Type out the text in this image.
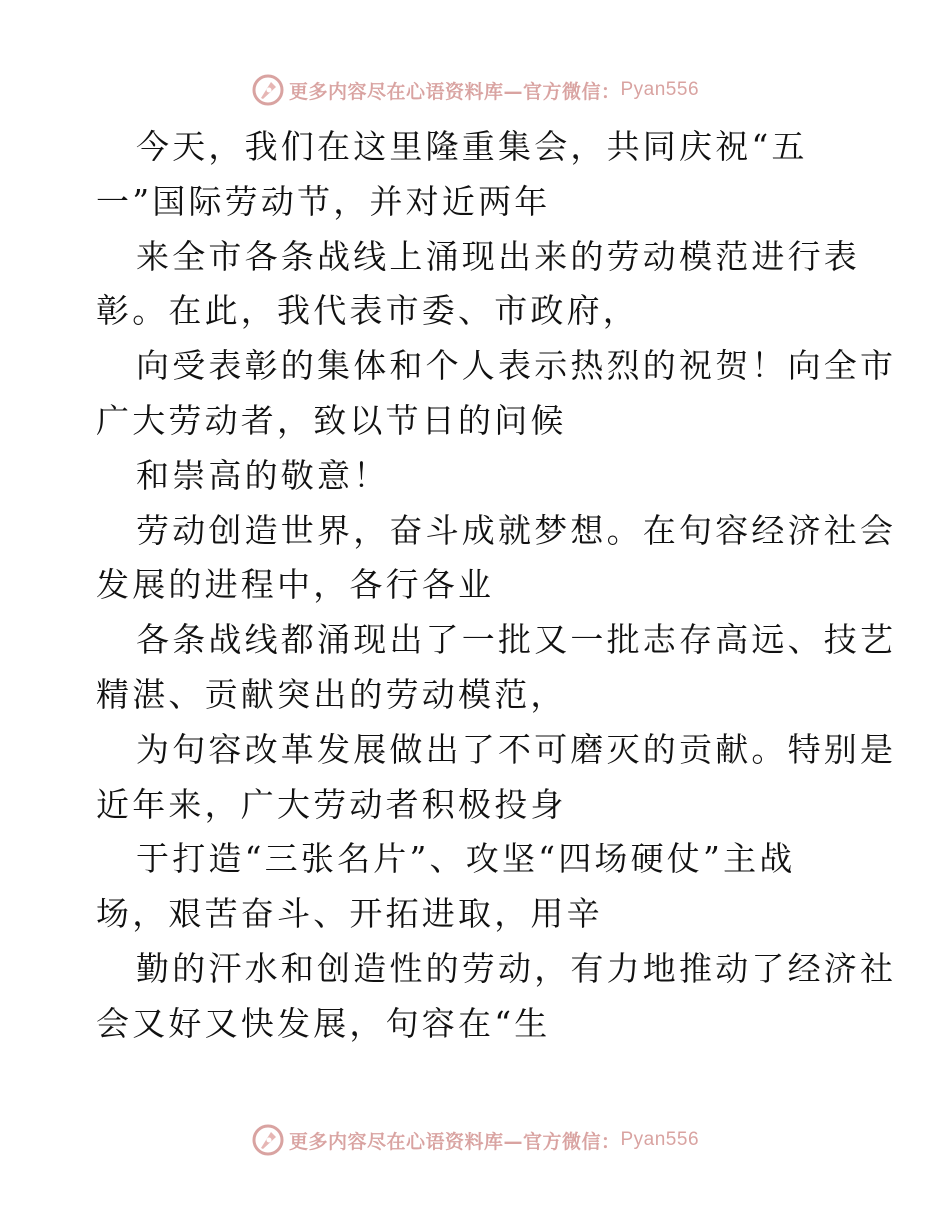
更多内容尽在心语资料库—官方微信： Pyan556
今天，我们在这里隆重集会，共同庆祝“五
一”国际劳动节，并对近两年
来全市各条战线上涌现出来的劳动模范进行表
彰。在此，我代表市委、市政府，
向受表彰的集体和个人表示热烈的祝贺！向全市
广大劳动者，致以节日的问候
和崇高的敬意！
劳动创造世界，奋斗成就梦想。在句容经济社会
发展的进程中，各行各业
各条战线都涌现出了一批又一批志存高远、技艺
精湛、贡献突出的劳动模范，
为句容改革发展做出了不可磨灭的贡献。特别是
近年来，广大劳动者积极投身
于打造“三张名片”、攻坚“四场硬仗”主战
场，艰苦奋斗、开拓进取，用辛
勤的汗水和创造性的劳动，有力地推动了经济社
会又好又快发展，句容在“生
更多内容尽在心语资料库—官方微信： Pyan556
